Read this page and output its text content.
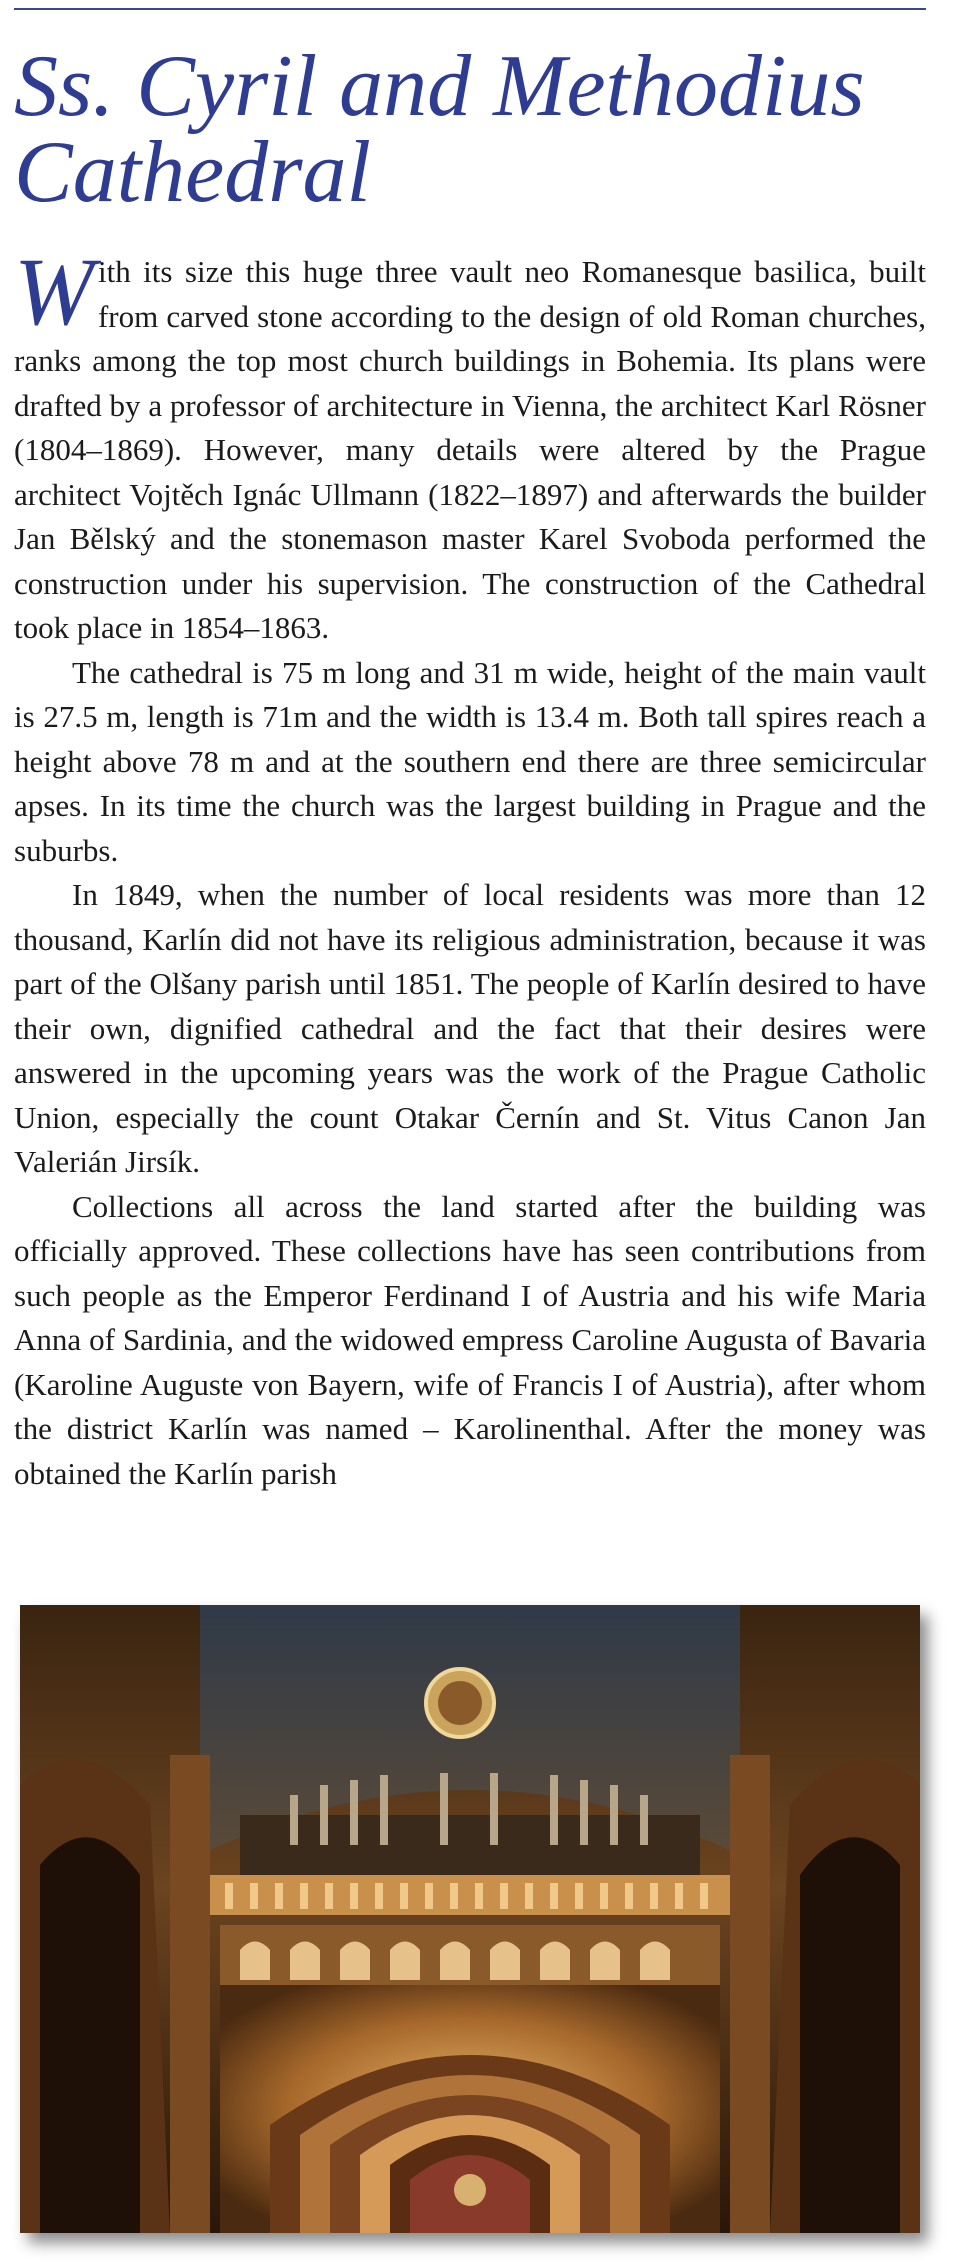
Ss. Cyril and Methodius Cathedral

With its size this huge three vault neo Romanesque basilica, built from carved stone according to the design of old Roman churches, ranks among the top most church buildings in Bohemia. Its plans were drafted by a professor of architecture in Vienna, the architect Karl Rösner (1804–1869). However, many details were altered by the Prague architect Vojtěch Ignác Ullmann (1822–1897) and afterwards the builder Jan Bělský and the stonemason master Karel Svoboda performed the construction under his supervision. The construction of the Cathedral took place in 1854–1863.

The cathedral is 75 m long and 31 m wide, height of the main vault is 27.5 m, length is 71m and the width is 13.4 m. Both tall spires reach a height above 78 m and at the southern end there are three semicircular apses. In its time the church was the largest building in Prague and the suburbs.

In 1849, when the number of local residents was more than 12 thousand, Karlín did not have its religious administration, because it was part of the Olšany parish until 1851. The people of Karlín desired to have their own, dignified cathedral and the fact that their desires were answered in the upcoming years was the work of the Prague Catholic Union, especially the count Otakar Černín and St. Vitus Canon Jan Valerián Jirsík.

Collections all across the land started after the building was officially approved. These collections have has seen contributions from such people as the Emperor Ferdinand I of Austria and his wife Maria Anna of Sardinia, and the widowed empress Caroline Augusta of Bavaria (Karoline Auguste von Bayern, wife of Francis I of Austria), after whom the district Karlín was named – Karolinenthal. After the money was obtained the Karlín parish
